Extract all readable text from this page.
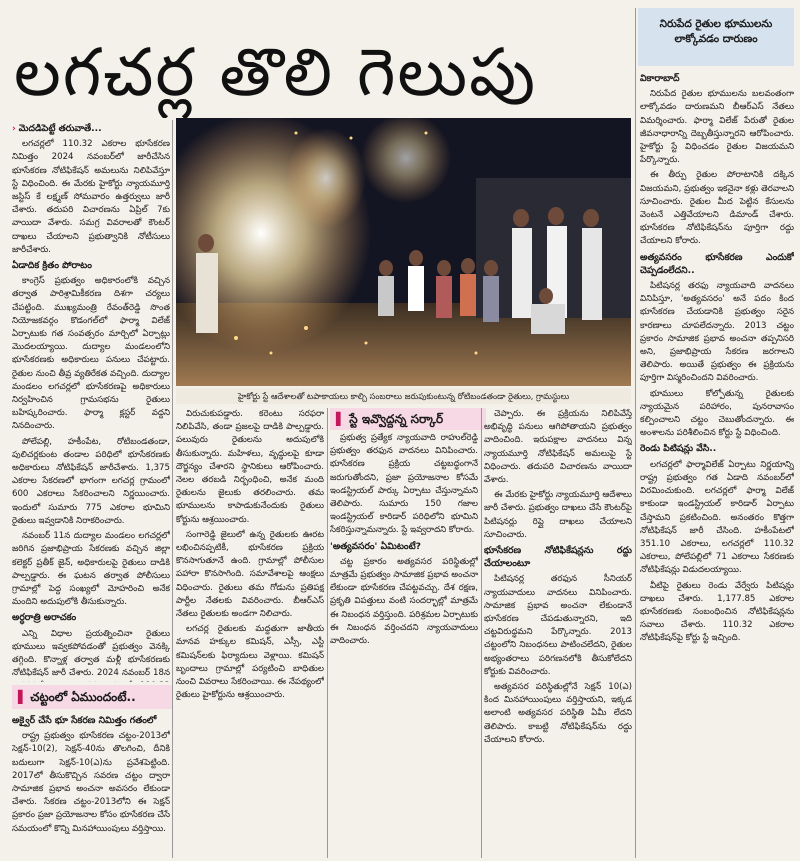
లగచర్ల తొలి గెలుపు
నిరుపేద రైతుల భూములను
లాక్కోవడం దారుణం
› మెదడిపెట్టే తరువాతే...

లగచర్లలో 110.32 ఎకరాల భూసేకరణ నిమిత్తం 2024 నవంబర్‌లో జారీచేసిన భూసేకరణ నోటిఫికేషన్ అమలును నిలిపివేస్తూ స్టే విధించింది. ఈ మేరకు హైకోర్టు న్యాయమూర్తి జస్టిస్ కే లక్ష్మణ్ సోమవారం ఉత్తర్వులు జారీ చేశారు. తదుపరి విచారణను ఏప్రిల్ 7కు వాయిదా వేశారు. సమగ్ర వివరాలతో కౌంటర్ దాఖలు చేయాలని ప్రభుత్వానికి నోటీసులు జారీచేశారు.

ఏడాదిక క్రితం పోరాటం

కాంగ్రెస్ ప్రభుత్వం అధికారంలోకి వచ్చిన తర్వాత పారిశ్రామికీకరణ దిశగా చర్యలు చేపట్టింది. ముఖ్యమంత్రి రేవంత్‌రెడ్డి సొంత నియోజకవర్గం కొడంగల్‌లో ఫార్మా విలేజ్ ఏర్పాటుకు గత సంవత్సరం మార్చిలో ఏర్పాట్లు మొదలయ్యాయి. దుద్యాల మండలంలోని భూసేకరణకు అధికారులు పనులు చేపట్టారు. రైతుల నుంచి తీవ్ర వ్యతిరేకత వచ్చింది. దుద్యాల మండలం లగచర్లలో భూసేకరణపై అధికారులు నిర్వహించిన గ్రామసభను రైతులు బహిష్కరించారు. ఫార్మా క్లస్టర్ వద్దని నినదించారు.

పోలేపల్లి, హకీంపేట, రోటిబండతండా, పులిచర్లకుంట తండాల పరిధిలో భూసేకరణకు అధికారులు నోటిఫికేషన్ జారీచేశారు. 1,375 ఎకరాల సేకరణలో భాగంగా లగచర్ల గ్రామంలో 600 ఎకరాలు సేకరించాలని నిర్ణయించారు. ఇందులో సుమారు 775 ఎకరాల భూమిని రైతులు ఇవ్వడానికి నిరాకరించారు.

నవంబర్ 11న దుద్యాల మండలం లగచర్లలో జరిగిన ప్రజాభిప్రాయ సేకరణకు వచ్చిన జిల్లా కలెక్టర్ ప్రతీక్ జైన్, అధికారులపై రైతులు దాడికి పాల్పడ్డారు. ఈ ఘటన తర్వాత పోలీసులు గ్రామాల్లో పెద్ద సంఖ్యలో మోహరించి అనేక మందిని అదుపులోకి తీసుకున్నారు.

అర్ధరాత్రి అరాచకం

ఎన్ని విధాల ప్రయత్నించినా రైతులు భూములు ఇవ్వకపోవడంతో ప్రభుత్వం వెనక్కి తగ్గింది. కొన్నాళ్ల తర్వాత మళ్లీ భూసేకరణకు నోటిఫికేషన్ జారీ చేశారు. 2024 నవంబర్ 18న

▌ చట్టంలో ఏముందంటే..
అక్వైర్ చేసే భూ సేకరణ నిమిత్తం గతంలో

రాష్ట్ర ప్రభుత్వం భూసేకరణ చట్టం-2013లో సెక్షన్-10(2), సెక్షన్-40ను తొలగించి, దీనికి బదులుగా సెక్షన్-10(ఎ)ను ప్రవేశపెట్టింది. 2017లో తీసుకొచ్చిన సవరణ చట్టం ద్వారా సామాజిక ప్రభావ అంచనా అవసరం లేకుండా చేశారు. సేకరణ చట్టం-2013లోని ఈ సెక్షన్ ప్రకారం ప్రజా ప్రయోజనాల కోసం భూసేకరణ చేసే సమయంలో కొన్ని మినహాయింపులు వర్తిస్తాయి.

హైకోర్టు స్టే ఆదేశాలతో టపాకాయలు కాల్చి సంబరాలు జరుపుకుంటున్న రోటిబండతండా రైతులు, గ్రామస్థులు

విరుచుకుపడ్డారు. కరెంటు సరఫరా నిలిపివేసి, తండా ప్రజలపై దాడికి పాల్పడ్డారు. పలువురు రైతులను అదుపులోకి తీసుకున్నారు. మహిళలు, వృద్ధులపై కూడా దౌర్జన్యం చేశారని స్థానికులు ఆరోపించారు. నెలల తరబడి నిర్బంధించి, అనేక మంది రైతులను జైలుకు తరలించారు. తమ భూములను కాపాడుకునేందుకు రైతులు కోర్టును ఆశ్రయించారు.

సంగారెడ్డి జైలులో ఉన్న రైతులకు ఊరట లభించినప్పటికీ, భూసేకరణ ప్రక్రియ కొనసాగుతూనే ఉంది. గ్రామాల్లో పోలీసుల పహారా కొనసాగింది. సమావేశాలపై ఆంక్షలు విధించారు. రైతులు తమ గోడును ప్రతిపక్ష పార్టీల నేతలకు వివరించారు. బీఆర్‌ఎస్ నేతలు రైతులకు అండగా నిలిచారు.

లగచర్ల రైతులకు మద్దతుగా జాతీయ మానవ హక్కుల కమిషన్, ఎస్సీ, ఎస్టీ కమిషన్‌లకు ఫిర్యాదులు వెళ్లాయి. కమిషన్ బృందాలు గ్రామాల్లో పర్యటించి బాధితుల నుంచి వివరాలు సేకరించాయి. ఈ నేపథ్యంలో రైతులు హైకోర్టును ఆశ్రయించారు.

▌ స్టే ఇవ్వొద్దన్న సర్కార్

ప్రభుత్వ ప్రత్యేక న్యాయవాది రాహుల్‌రెడ్డి ప్రభుత్వం తరఫున వాదనలు వినిపించారు. భూసేకరణ ప్రక్రియ చట్టబద్ధంగానే జరుగుతోందని, ప్రజా ప్రయోజనాల కోసమే ఇండస్ట్రియల్ పార్కు ఏర్పాటు చేస్తున్నామని తెలిపారు. సుమారు 150 గజాల ఇండస్ట్రియల్ కారిడార్ పరిధిలోని భూమిని సేకరిస్తున్నామన్నారు. స్టే ఇవ్వరాదని కోరారు.

'అత్యవసరం' ఏమిటంటే?

చట్ట ప్రకారం అత్యవసర పరిస్థితుల్లో మాత్రమే ప్రభుత్వం సామాజిక ప్రభావ అంచనా లేకుండా భూసేకరణ చేపట్టవచ్చు. దేశ రక్షణ, ప్రకృతి విపత్తులు వంటి సందర్భాల్లో మాత్రమే ఈ నిబంధన వర్తిస్తుంది. పరిశ్రమల ఏర్పాటుకు ఈ నిబంధన వర్తించదని న్యాయవాదులు వాదించారు.

చెప్పారు. ఈ ప్రక్రియను నిలిపివేస్తే అభివృద్ధి పనులు ఆగిపోతాయని ప్రభుత్వం వాదించింది. ఇరుపక్షాల వాదనలు విన్న న్యాయమూర్తి నోటిఫికేషన్ అమలుపై స్టే విధించారు. తదుపరి విచారణను వాయిదా వేశారు.

ఈ మేరకు హైకోర్టు న్యాయమూర్తి ఆదేశాలు జారీ చేశారు. ప్రభుత్వం దాఖలు చేసే కౌంటర్‌పై పిటిషనర్లు రిప్లై దాఖలు చేయాలని సూచించారు.

భూసేకరణ నోటిఫికేషన్లను రద్దు చేయాలంటూ

పిటిషనర్ల తరఫున సీనియర్ న్యాయవాదులు వాదనలు వినిపించారు. సామాజిక ప్రభావ అంచనా లేకుండానే భూసేకరణ చేపడుతున్నారని, ఇది చట్టవిరుద్ధమని పేర్కొన్నారు. 2013 చట్టంలోని నిబంధనలు పాటించలేదని, రైతుల అభ్యంతరాలు పరిగణనలోకి తీసుకోలేదని కోర్టుకు వివరించారు.

అత్యవసర పరిస్థితుల్లోనే సెక్షన్ 10(ఎ) కింద మినహాయింపులు వర్తిస్తాయని, ఇక్కడ అలాంటి అత్యవసర పరిస్థితి ఏమీ లేదని తెలిపారు. కాబట్టి నోటిఫికేషన్‌ను రద్దు చేయాలని కోరారు.

వికారాబాద్

నిరుపేద రైతుల భూములను బలవంతంగా లాక్కోవడం దారుణమని బీఆర్‌ఎస్ నేతలు విమర్శించారు. ఫార్మా విలేజ్ పేరుతో రైతుల జీవనాధారాన్ని దెబ్బతీస్తున్నారని ఆరోపించారు. హైకోర్టు స్టే విధించడం రైతుల విజయమని పేర్కొన్నారు.

ఈ తీర్పు రైతుల పోరాటానికి దక్కిన విజయమని, ప్రభుత్వం ఇకనైనా కళ్లు తెరవాలని సూచించారు. రైతుల మీద పెట్టిన కేసులను వెంటనే ఎత్తివేయాలని డిమాండ్ చేశారు. భూసేకరణ నోటిఫికేషన్‌ను పూర్తిగా రద్దు చేయాలని కోరారు.

అత్యవసరం భూసేకరణ ఎందుకో చెప్పడంలేదని..

పిటిషనర్ల తరఫు న్యాయవాది వాదనలు వినిపిస్తూ, 'అత్యవసరం' అనే పదం కింద భూసేకరణ చేయడానికి ప్రభుత్వం సరైన కారణాలు చూపలేదన్నారు. 2013 చట్టం ప్రకారం సామాజిక ప్రభావ అంచనా తప్పనిసరి అని, ప్రజాభిప్రాయ సేకరణ జరగాలని తెలిపారు. అయితే ప్రభుత్వం ఈ ప్రక్రియను పూర్తిగా విస్మరించిందని వివరించారు.

భూములు కోల్పోతున్న రైతులకు న్యాయమైన పరిహారం, పునరావాసం కల్పించాలని చట్టం చెబుతోందన్నారు. ఈ అంశాలను పరిశీలించిన కోర్టు స్టే విధించింది.

రెండు పిటిషన్లు వేసి..

లగచర్లలో ఫార్మావిలేజ్ ఏర్పాటు నిర్ణయాన్ని రాష్ట్ర ప్రభుత్వం గత ఏడాది నవంబర్‌లో విరమించుకుంది. లగచర్లలో ఫార్మా విలేజ్ కాకుండా ఇండస్ట్రియల్ కారిడార్ ఏర్పాటు చేస్తామని ప్రకటించింది. అనంతరం కొత్తగా నోటిఫికేషన్ జారీ చేసింది. హకీంపేటలో 351.10 ఎకరాలు, లగచర్లలో 110.32 ఎకరాలు, పోలేపల్లిలో 71 ఎకరాలు సేకరణకు నోటిఫికేషన్లు విడుదలయ్యాయి.

వీటిపై రైతులు రెండు వేర్వేరు పిటిషన్లు దాఖలు చేశారు. 1,177.85 ఎకరాల భూసేకరణకు సంబంధించిన నోటిఫికేషన్లను సవాలు చేశారు. 110.32 ఎకరాల నోటిఫికేషన్‌పై కోర్టు స్టే ఇచ్చింది.
